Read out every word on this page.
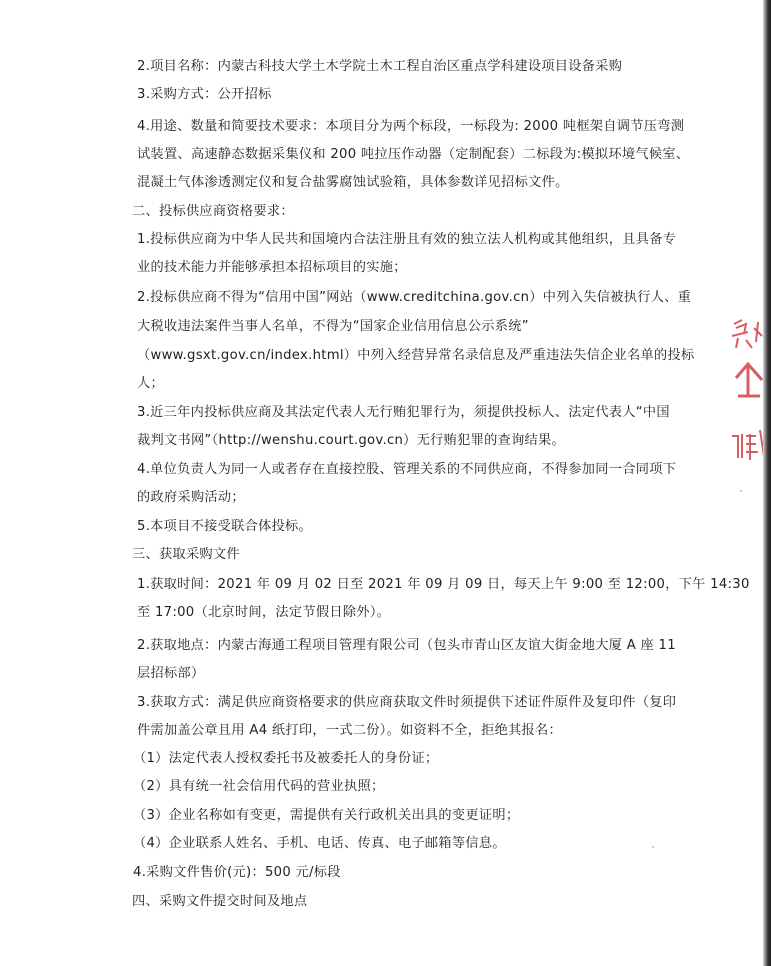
2.项目名称：内蒙古科技大学土木学院土木工程自治区重点学科建设项目设备采购
3.采购方式：公开招标
4.用途、数量和简要技术要求：本项目分为两个标段，一标段为: 2000 吨框架自调节压弯测
试装置、高速静态数据采集仪和 200 吨拉压作动器（定制配套）二标段为:模拟环境气候室、
混凝土气体渗透测定仪和复合盐雾腐蚀试验箱，具体参数详见招标文件。
二、投标供应商资格要求：
1.投标供应商为中华人民共和国境内合法注册且有效的独立法人机构或其他组织，且具备专
业的技术能力并能够承担本招标项目的实施；
2.投标供应商不得为“信用中国”网站（www.creditchina.gov.cn）中列入失信被执行人、重
大税收违法案件当事人名单，不得为“国家企业信用信息公示系统”
（www.gsxt.gov.cn/index.html）中列入经营异常名录信息及严重违法失信企业名单的投标
人；
3.近三年内投标供应商及其法定代表人无行贿犯罪行为，须提供投标人、法定代表人“中国
裁判文书网”（http://wenshu.court.gov.cn）无行贿犯罪的查询结果。
4.单位负责人为同一人或者存在直接控股、管理关系的不同供应商，不得参加同一合同项下
的政府采购活动；
5.本项目不接受联合体投标。
三、获取采购文件
1.获取时间：2021 年 09 月 02 日至 2021 年 09 月 09 日，每天上午 9:00 至 12:00，下午 14:30
至 17:00（北京时间，法定节假日除外）。
2.获取地点：内蒙古海通工程项目管理有限公司（包头市青山区友谊大街金地大厦 A 座 11
层招标部）
3.获取方式：满足供应商资格要求的供应商获取文件时须提供下述证件原件及复印件（复印
件需加盖公章且用 A4 纸打印，一式二份）。如资料不全，拒绝其报名：
（1）法定代表人授权委托书及被委托人的身份证；
（2）具有统一社会信用代码的营业执照；
（3）企业名称如有变更，需提供有关行政机关出具的变更证明；
（4）企业联系人姓名、手机、电话、传真、电子邮箱等信息。
4.采购文件售价(元)：500 元/标段
四、采购文件提交时间及地点
